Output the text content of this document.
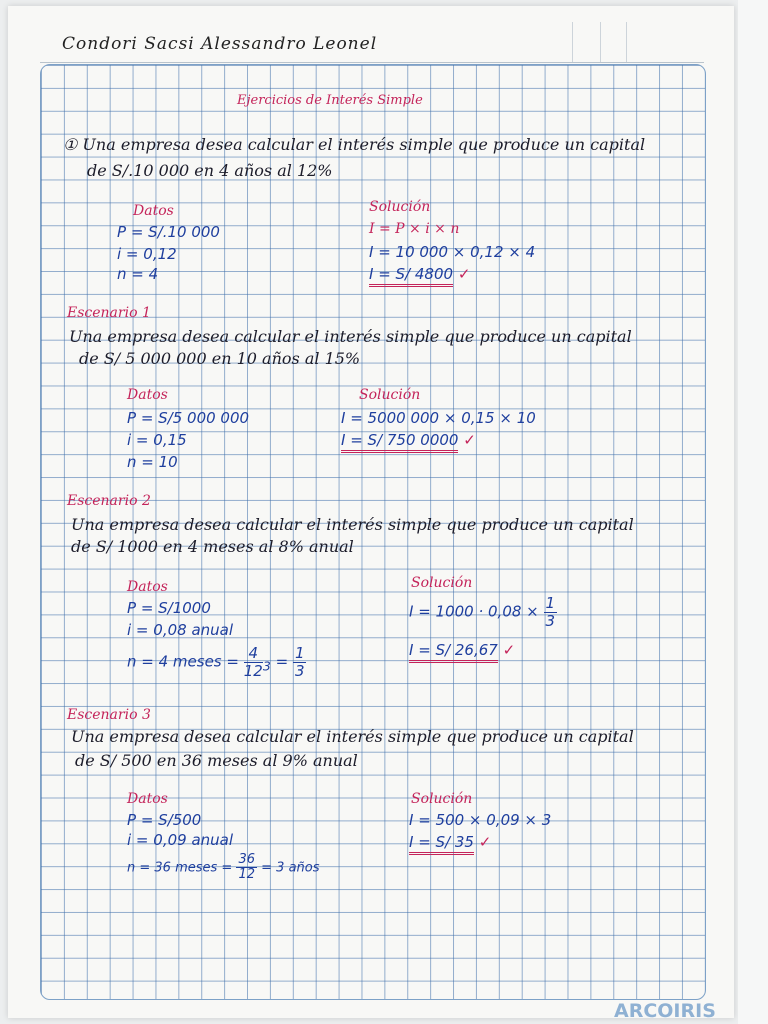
Condori Sacsi Alessandro Leonel
Ejercicios de Interés Simple
① Una empresa desea calcular el interés simple que produce un capital
de S/.10 000 en 4 años al 12%
Datos
P = S/.10 000
i = 0,12
n = 4
Solución
I = P × i × n
I = 10 000 × 0,12 × 4
I = S/ 4800 ✓
Escenario 1
Una empresa desea calcular el interés simple que produce un capital
de S/ 5 000 000 en 10 años al 15%
Datos
P = S/5 000 000
i = 0,15
n = 10
Solución
I = 5000 000 × 0,15 × 10
I = S/ 750 0000 ✓
Escenario 2
Una empresa desea calcular el interés simple que produce un capital
de S/ 1000 en 4 meses al 8% anual
Datos
P = S/1000
i = 0,08 anual
n = 4 meses = $\frac{4}{12} _3 = \frac{1}{3}$
Solución
$I = 1000 \cdot 0,08 \times \frac{1}{3}$
I = S/ 26,67 ✓
Escenario 3
Una empresa desea calcular el interés simple que produce un capital
de S/ 500 en 36 meses al 9% anual
Datos
P = S/500
i = 0,09 anual
n = 36 meses = $\frac{36}{12} = 3$ años
Solución
I = 500 × 0,09 × 3
I = S/ 35 ✓
ARCOIRIS
